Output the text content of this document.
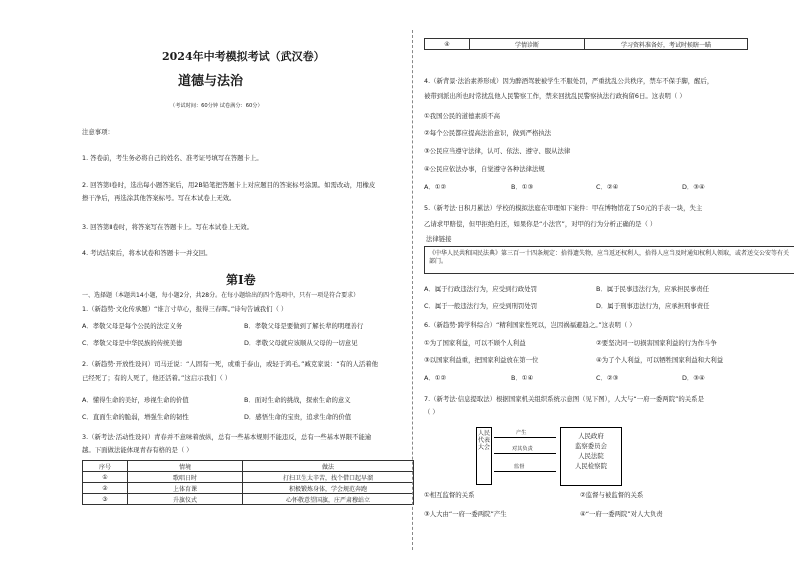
2024年中考模拟考试（武汉卷）
道德与法治
（考试时间：60分钟 试卷满分：60分）
注意事项：
1. 答卷前，考生务必将自己的姓名、准考证号填写在答题卡上。
2. 回答第Ⅰ卷时，选出每小题答案后，用2B铅笔把答题卡上对应题目的答案标号涂黑。如需改动，用橡皮
擦干净后，再选涂其他答案标号。写在本试卷上无效。
3. 回答第Ⅱ卷时，将答案写在答题卡上。写在本试卷上无效。
4. 考试结束后，将本试卷和答题卡一并交回。
第Ⅰ卷
一、选择题（本题共14小题，每小题2分，共28分。在每小题给出的四个选项中，只有一项是符合要求）
1.（新趋势·文化传承题）“谁言寸草心，报得三春晖。”诗句告诫我们（ ）
A．孝敬父母是每个公民的法定义务	B．孝敬父母是要做到了解长辈的明理善行
C．孝敬父母是中华民族的传统美德	D．孝敬父母就应该顺从父母的一切意见
2.（新趋势·开放性设问）司马迁说：“人固有一死，或重于泰山，或轻于鸿毛。”臧克家说：“有的人活着他
已经死了；有的人死了，他还活着。”这启示我们（ ）
A．懂得生命的美好，珍视生命的价值	B．面对生命的挑战，探索生命的意义
C．直面生命的脆弱，增强生命的韧性	D．感悟生命的宝贵，追求生命的价值
3.（新考法·活动性设问）青春并不意味着放纵，总有一些基本规则不能违反，总有一些基本界限不能逾
越。下面做法能体现青春有格的是（ ）
序号	情境	做法
①	歌唱日时	打扫卫生太辛苦，找个借口起早溜
②	上体育课	积极锻炼身体，学会规范奔跑
③	升旗仪式	心怀敬意望国旗，庄严肃穆站立
④	学情诊断	学习资料准备好，考试时候瞎一瞄
4.（新背景·法治素养形成）因为醉酒驾驶被学生不服处罚，严重扰乱公共秩序，禁车不保手脚，醒后，
被带到派出所也时常扰乱他人民警察工作，禁来回扰乱民警察执法行政拘留6日。这表明（ ）
①我国公民的道德素质不高
②每个公民都应提高法治意识，做到严格执法
③公民应当遵守法律，认可、依法、遵守、服从法律
④公民应依法办事，自觉遵守各种法律法规
A．①②	B．①③	C．②④	D．③④
5.（新考法·日积月累法）学校的模拟法庭在审理如下案件：甲在博物馆花了50元的手表一块，失主
乙请求甲赔偿，但甲拒绝归还，如果你是“小法官”，对甲的行为分析正确的是（ ）
法律链接
《中华人民共和国民法典》第三百一十四条规定：拾得遗失物，应当返还权利人，拾得人应当及时通知权利人领取，或者送交公安等有关部门。
A．属于行政违法行为，应受到行政处罚	B．属于民事违法行为，应承担民事责任
C．属于一般违法行为，应受到刑罚处罚	D．属于刑事违法行为，应承担刑事责任
6.（新趋势·跨学科综合）“精利国家性死以，岂因祸福避趋之。”这表明（ ）
①为了国家利益，可以不顾个人利益	②要坚决同一切损害国家利益的行为作斗争
③以国家利益重，把国家利益放在第一位	④为了个人利益，可以牺牲国家利益和大利益
A．①②	B．①④	C．②③	D．③④
7.（新考法·信息提取法）根据国家机关组织系统示意图（见下图），人大与“一府一委两院”的关系是
（ ）
人民代表大会
产生
对其负责
监督
人民政府
监察委员会
人民法院
人民检察院
①相互监督的关系	②监督与被监督的关系
③人大由“一府一委两院”产生	④“一府一委两院”对人大负责
